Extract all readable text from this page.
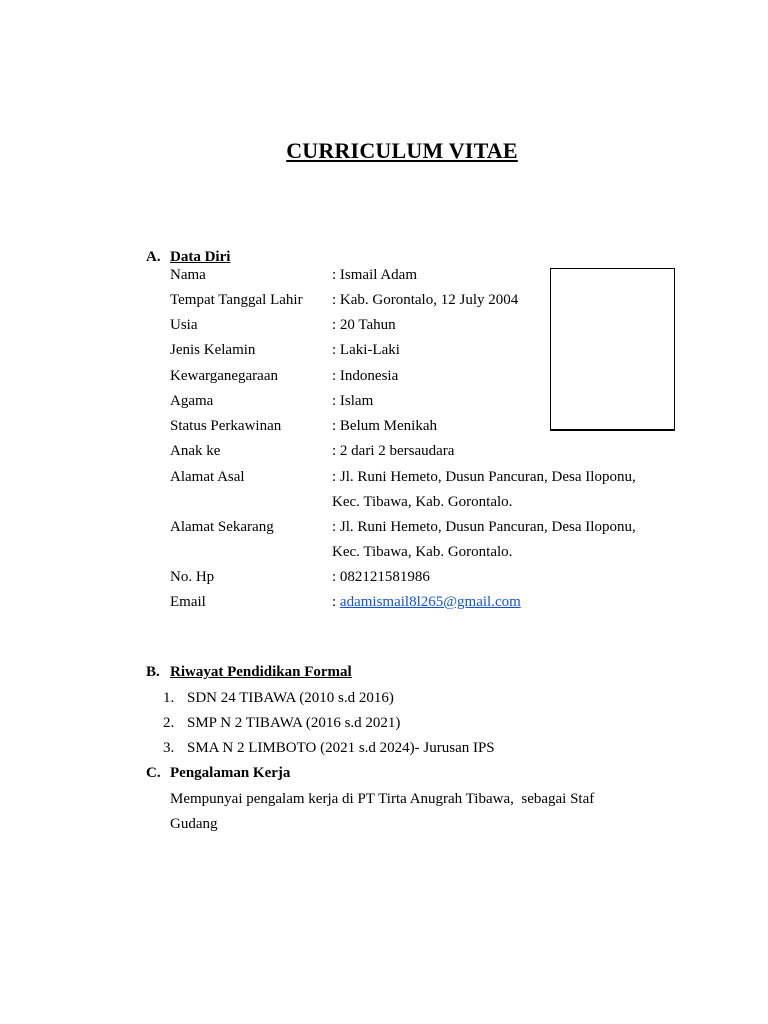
CURRICULUM VITAE
A. Data Diri
Nama	: Ismail Adam
Tempat Tanggal Lahir : Kab. Gorontalo, 12 July 2004
Usia	: 20 Tahun
Jenis Kelamin	: Laki-Laki
Kewarganegaraan	: Indonesia
Agama	: Islam
Status Perkawinan	: Belum Menikah
Anak ke	: 2 dari 2 bersaudara
Alamat Asal	: Jl. Runi Hemeto, Dusun Pancuran, Desa Iloponu,
Kec. Tibawa, Kab. Gorontalo.
Alamat Sekarang	: Jl. Runi Hemeto, Dusun Pancuran, Desa Iloponu,
Kec. Tibawa, Kab. Gorontalo.
No. Hp	: 082121581986
Email	: adamismail8l265@gmail.com
B. Riwayat Pendidikan Formal
1. SDN 24 TIBAWA (2010 s.d 2016)
2. SMP N 2 TIBAWA (2016 s.d 2021)
3. SMA N 2 LIMBOTO (2021 s.d 2024)- Jurusan IPS
C. Pengalaman Kerja
Mempunyai pengalam kerja di PT Tirta Anugrah Tibawa,  sebagai Staf
Gudang
